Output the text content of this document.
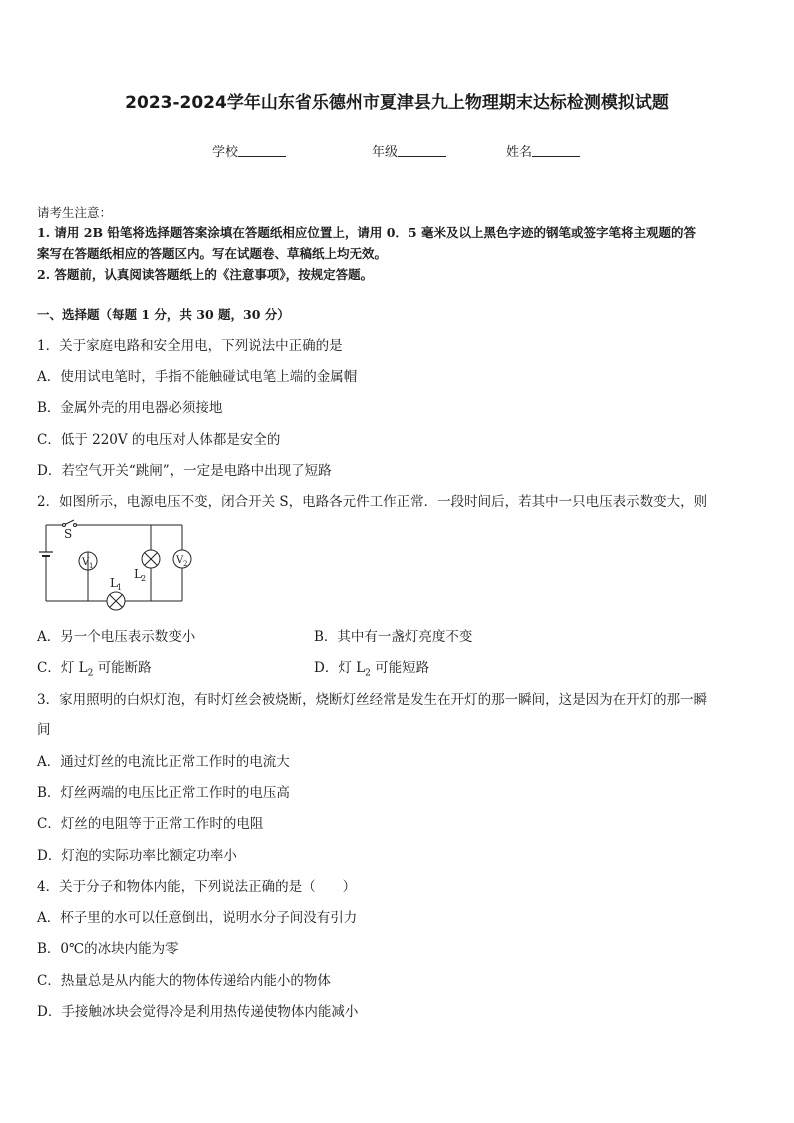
2023-2024学年山东省乐德州市夏津县九上物理期末达标检测模拟试题
学校	年级	姓名
请考生注意：
1. 请用 2B 铅笔将选择题答案涂填在答题纸相应位置上，请用 0．5 毫米及以上黑色字迹的钢笔或签字笔将主观题的答
案写在答题纸相应的答题区内。写在试题卷、草稿纸上均无效。
2. 答题前，认真阅读答题纸上的《注意事项》，按规定答题。
一、选择题（每题 1 分，共 30 题，30 分）
1．关于家庭电路和安全用电，下列说法中正确的是
A．使用试电笔时，手指不能触碰试电笔上端的金属帽
B．金属外壳的用电器必须接地
C．低于 220V 的电压对人体都是安全的
D．若空气开关“跳闸”，一定是电路中出现了短路
2．如图所示，电源电压不变，闭合开关 S，电路各元件工作正常．一段时间后，若其中一只电压表示数变大，则
S
V 1	V 2
L 2
L 1
A．另一个电压表示数变小	B．其中有一盏灯亮度不变
C．灯 $L_2$ 可能断路	D．灯 $L_2$ 可能短路
3．家用照明的白炽灯泡，有时灯丝会被烧断，烧断灯丝经常是发生在开灯的那一瞬间，这是因为在开灯的那一瞬
间
A．通过灯丝的电流比正常工作时的电流大
B．灯丝两端的电压比正常工作时的电压高
C．灯丝的电阻等于正常工作时的电阻
D．灯泡的实际功率比额定功率小
4．关于分子和物体内能，下列说法正确的是（　　）
A．杯子里的水可以任意倒出，说明水分子间没有引力
B．0℃的冰块内能为零
C．热量总是从内能大的物体传递给内能小的物体
D．手接触冰块会觉得冷是利用热传递使物体内能减小
